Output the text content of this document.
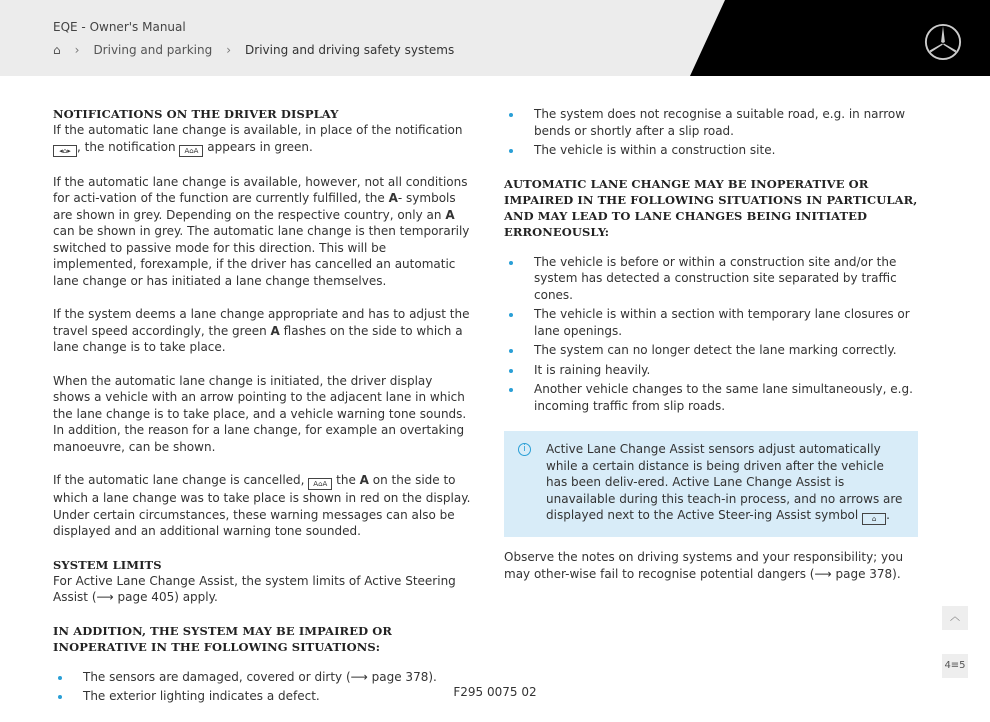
EQE - Owner's Manual
⌂ › Driving and parking › Driving and driving safety systems
NOTIFICATIONS ON THE DRIVER DISPLAY

If the automatic lane change is available, in place of the notification ◂⌂▸ , the notification A⌂A appears in green.

If the automatic lane change is available, however, not all conditions for acti-vation of the function are currently fulfilled, the A- symbols are shown in grey. Depending on the respective country, only an A can be shown in grey. The automatic lane change is then temporarily switched to passive mode for this direction. This will be implemented, forexample, if the driver has cancelled an automatic lane change or has initiated a lane change themselves.

If the system deems a lane change appropriate and has to adjust the travel speed accordingly, the green A flashes on the side to which a lane change is to take place.

When the automatic lane change is initiated, the driver display shows a vehicle with an arrow pointing to the adjacent lane in which the lane change is to take place, and a vehicle warning tone sounds. In addition, the reason for a lane change, for example an overtaking manoeuvre, can be shown.

If the automatic lane change is cancelled, A⌂A the A on the side to which a lane change was to take place is shown in red on the display. Under certain circumstances, these warning messages can also be displayed and an additional warning tone sounded.

SYSTEM LIMITS

For Active Lane Change Assist, the system limits of Active Steering Assist (⟶ page 405) apply.

IN ADDITION, THE SYSTEM MAY BE IMPAIRED OR INOPERATIVE IN THE FOLLOWING SITUATIONS:
The sensors are damaged, covered or dirty (⟶ page 378).
The exterior lighting indicates a defect.
The system does not recognise a suitable road, e.g. in narrow bends or shortly after a slip road.
The vehicle is within a construction site.
AUTOMATIC LANE CHANGE MAY BE INOPERATIVE OR IMPAIRED IN THE FOLLOWING SITUATIONS IN PARTICULAR, AND MAY LEAD TO LANE CHANGES BEING INITIATED ERRONEOUSLY:
The vehicle is before or within a construction site and/or the system has detected a construction site separated by traffic cones.
The vehicle is within a section with temporary lane closures or lane openings.
The system can no longer detect the lane marking correctly.
It is raining heavily.
Another vehicle changes to the same lane simultaneously, e.g. incoming traffic from slip roads.
i	Active Lane Change Assist sensors adjust automatically while a certain distance is being driven after the vehicle has been deliv-ered. Active Lane Change Assist is unavailable during this teach-in process, and no arrows are displayed next to the Active Steer-ing Assist symbol ⌂ .

Observe the notes on driving systems and your responsibility; you may other-wise fail to recognise potential dangers (⟶ page 378).

︿
4≡5
F295 0075 02
